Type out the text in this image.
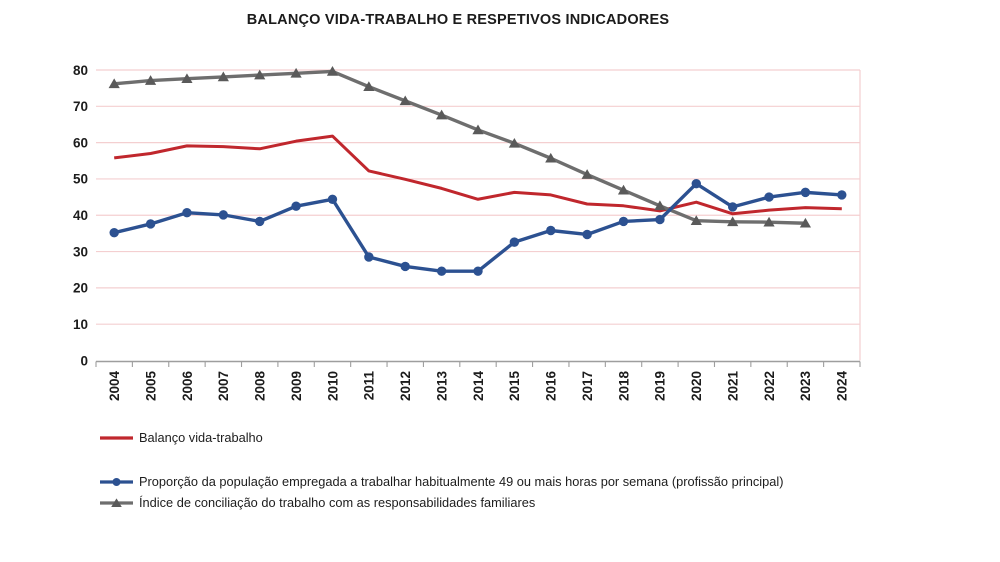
BALANÇO VIDA-TRABALHO E RESPETIVOS INDICADORES
0
10
20
30
40
50
60
70
80
2004 2005 2006 2007 2008 2009 2010 2011 2012 2013 2014 2015 2016 2017 2018 2019 2020 2021 2022 2023 2024
Balanço vida-trabalho
Proporção da população empregada a trabalhar habitualmente 49 ou mais horas por semana (profissão principal)
Índice de conciliação do trabalho com as responsabilidades familiares
